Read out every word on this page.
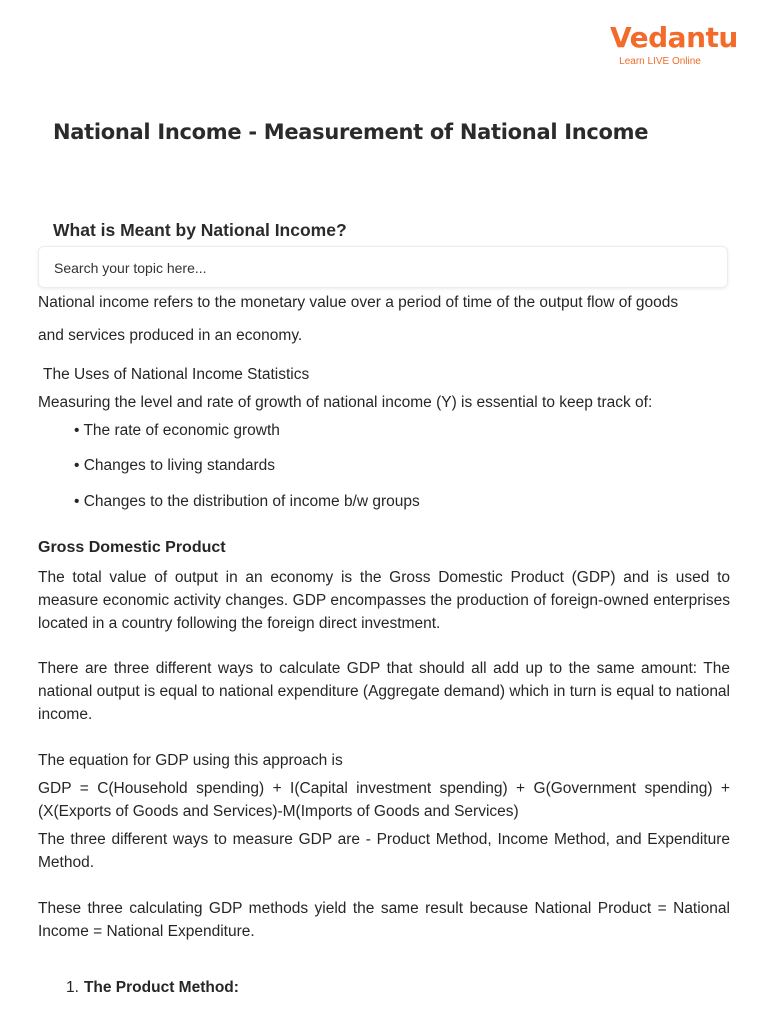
Vedantu
Learn LIVE Online
National Income - Measurement of National Income
What is Meant by National Income?
Search your topic here...

National income refers to the monetary value over a period of time of the output flow of goods

and services produced in an economy.

The Uses of National Income Statistics

Measuring the level and rate of growth of national income (Y) is essential to keep track of:

• The rate of economic growth

• Changes to living standards

• Changes to the distribution of income b/w groups

Gross Domestic Product

The total value of output in an economy is the Gross Domestic Product (GDP) and is used to measure economic activity changes. GDP encompasses the production of foreign-owned enterprises located in a country following the foreign direct investment.

There are three different ways to calculate GDP that should all add up to the same amount: The national output is equal to national expenditure (Aggregate demand) which in turn is equal to national income.

The equation for GDP using this approach is

GDP = C(Household spending) + I(Capital investment spending) + G(Government spending) + (X(Exports of Goods and Services)-M(Imports of Goods and Services)

The three different ways to measure GDP are - Product Method, Income Method, and Expenditure Method.

These three calculating GDP methods yield the same result because National Product = National Income = National Expenditure.

1. The Product Method:
